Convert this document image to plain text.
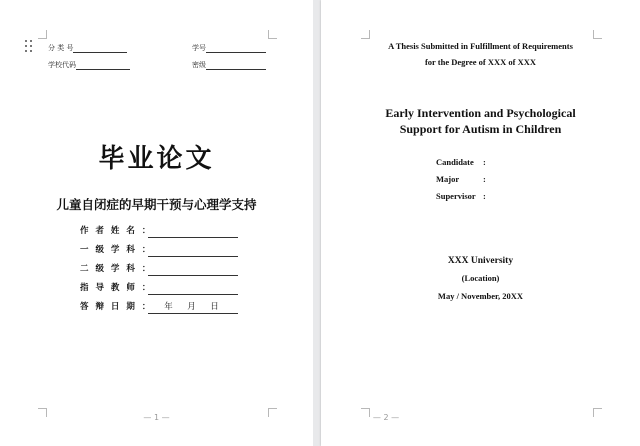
分 类 号	学号
学校代码	密级
毕业论文
儿童自闭症的早期干预与心理学支持
作 者 姓 名 ：
一 级 学 科 ：
二 级 学 科 ：
指 导 教 师 ：
答 辩 日 期 ：	年　月　日
— 1 —
A Thesis Submitted in Fulfillment of Requirements
for the Degree of XXX of XXX
Early Intervention and Psychological
Support for Autism in Children
Candidate :
Major	:
Supervisor :
XXX University
(Location)
May / November, 20XX
— 2 —
